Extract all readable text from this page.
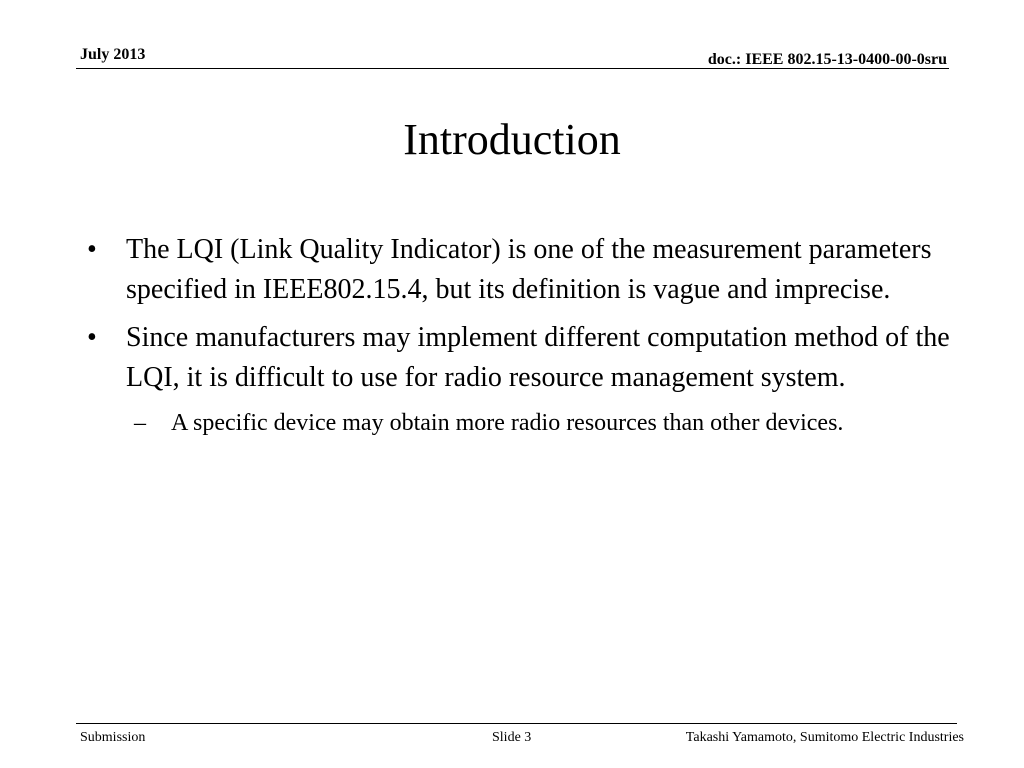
July 2013	doc.: IEEE 802.15-13-0400-00-0sru
Introduction
• The LQI (Link Quality Indicator) is one of the measurement parameters specified in IEEE802.15.4, but its definition is vague and imprecise.
• Since manufacturers may implement different computation method of the LQI, it is difficult to use for radio resource management system.
– A specific device may obtain more radio resources than other devices.
Submission	Slide 3	Takashi Yamamoto, Sumitomo Electric Industries
